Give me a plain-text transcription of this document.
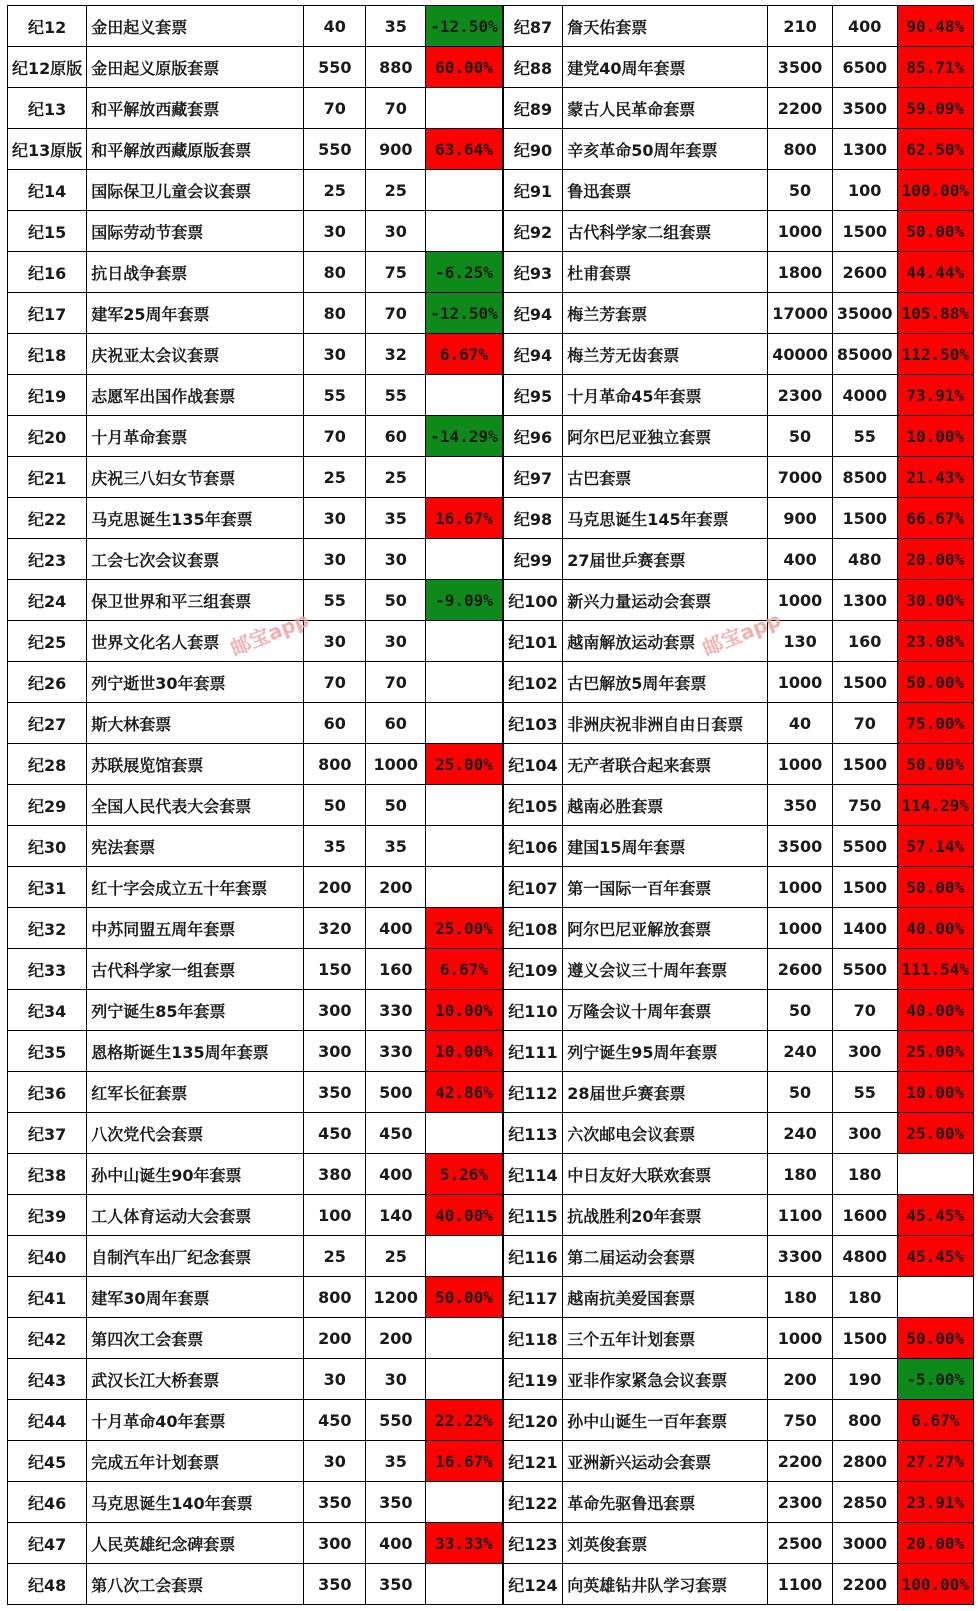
纪12	金田起义套票	40	35	-12.50%	纪87	詹天佑套票	210	400	90.48%
纪12原版	金田起义原版套票	550	880	60.00%	纪88	建党40周年套票	3500	6500	85.71%
纪13	和平解放西藏套票	70	70		纪89	蒙古人民革命套票	2200	3500	59.09%
纪13原版	和平解放西藏原版套票	550	900	63.64%	纪90	辛亥革命50周年套票	800	1300	62.50%
纪14	国际保卫儿童会议套票	25	25		纪91	鲁迅套票	50	100	100.00%
纪15	国际劳动节套票	30	30		纪92	古代科学家二组套票	1000	1500	50.00%
纪16	抗日战争套票	80	75	-6.25%	纪93	杜甫套票	1800	2600	44.44%
纪17	建军25周年套票	80	70	-12.50%	纪94	梅兰芳套票	17000	35000	105.88%
纪18	庆祝亚太会议套票	30	32	6.67%	纪94	梅兰芳无齿套票	40000	85000	112.50%
纪19	志愿军出国作战套票	55	55		纪95	十月革命45年套票	2300	4000	73.91%
纪20	十月革命套票	70	60	-14.29%	纪96	阿尔巴尼亚独立套票	50	55	10.00%
纪21	庆祝三八妇女节套票	25	25		纪97	古巴套票	7000	8500	21.43%
纪22	马克思诞生135年套票	30	35	16.67%	纪98	马克思诞生145年套票	900	1500	66.67%
纪23	工会七次会议套票	30	30		纪99	27届世乒赛套票	400	480	20.00%
纪24	保卫世界和平三组套票	55	50	-9.09%	纪100	新兴力量运动会套票	1000	1300	30.00%
纪25	世界文化名人套票	30	30		纪101	越南解放运动套票	130	160	23.08%
纪26	列宁逝世30年套票	70	70		纪102	古巴解放5周年套票	1000	1500	50.00%
纪27	斯大林套票	60	60		纪103	非洲庆祝非洲自由日套票	40	70	75.00%
纪28	苏联展览馆套票	800	1000	25.00%	纪104	无产者联合起来套票	1000	1500	50.00%
纪29	全国人民代表大会套票	50	50		纪105	越南必胜套票	350	750	114.29%
纪30	宪法套票	35	35		纪106	建国15周年套票	3500	5500	57.14%
纪31	红十字会成立五十年套票	200	200		纪107	第一国际一百年套票	1000	1500	50.00%
纪32	中苏同盟五周年套票	320	400	25.00%	纪108	阿尔巴尼亚解放套票	1000	1400	40.00%
纪33	古代科学家一组套票	150	160	6.67%	纪109	遵义会议三十周年套票	2600	5500	111.54%
纪34	列宁诞生85年套票	300	330	10.00%	纪110	万隆会议十周年套票	50	70	40.00%
纪35	恩格斯诞生135周年套票	300	330	10.00%	纪111	列宁诞生95周年套票	240	300	25.00%
纪36	红军长征套票	350	500	42.86%	纪112	28届世乒赛套票	50	55	10.00%
纪37	八次党代会套票	450	450		纪113	六次邮电会议套票	240	300	25.00%
纪38	孙中山诞生90年套票	380	400	5.26%	纪114	中日友好大联欢套票	180	180	
纪39	工人体育运动大会套票	100	140	40.00%	纪115	抗战胜利20年套票	1100	1600	45.45%
纪40	自制汽车出厂纪念套票	25	25		纪116	第二届运动会套票	3300	4800	45.45%
纪41	建军30周年套票	800	1200	50.00%	纪117	越南抗美爱国套票	180	180	
纪42	第四次工会套票	200	200		纪118	三个五年计划套票	1000	1500	50.00%
纪43	武汉长江大桥套票	30	30		纪119	亚非作家紧急会议套票	200	190	-5.00%
纪44	十月革命40年套票	450	550	22.22%	纪120	孙中山诞生一百年套票	750	800	6.67%
纪45	完成五年计划套票	30	35	16.67%	纪121	亚洲新兴运动会套票	2200	2800	27.27%
纪46	马克思诞生140年套票	350	350		纪122	革命先驱鲁迅套票	2300	2850	23.91%
纪47	人民英雄纪念碑套票	300	400	33.33%	纪123	刘英俊套票	2500	3000	20.00%
纪48	第八次工会套票	350	350		纪124	向英雄钻井队学习套票	1100	2200	100.00%
邮宝app	邮宝app
